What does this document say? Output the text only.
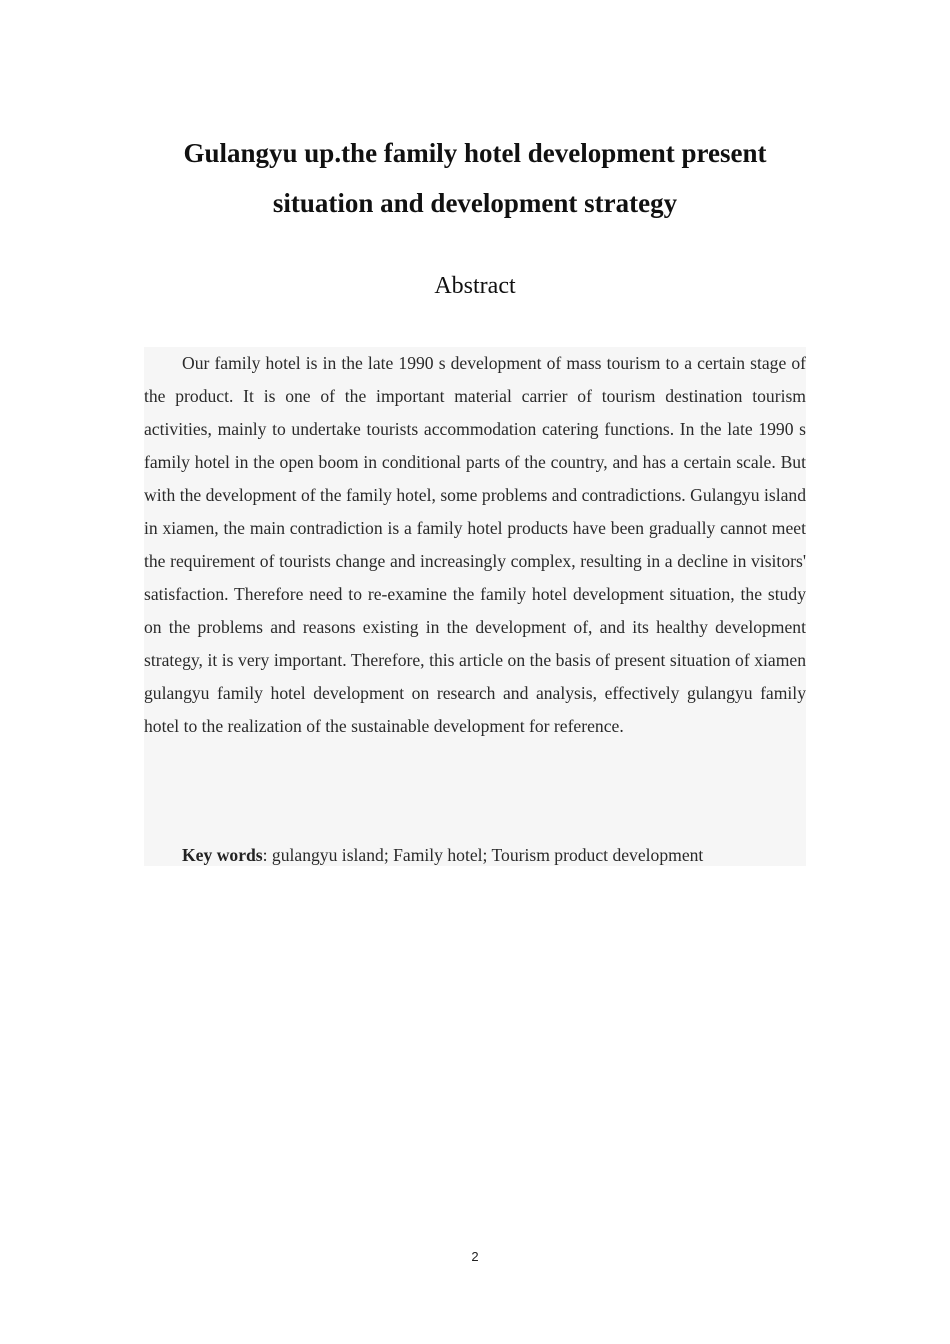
Gulangyu up.the family hotel development present
situation and development strategy
Abstract

Our family hotel is in the late 1990 s development of mass tourism to a certain stage of the product. It is one of the important material carrier of tourism destination tourism activities, mainly to undertake tourists accommodation catering functions. In the late 1990 s family hotel in the open boom in conditional parts of the country, and has a certain scale. But with the development of the family hotel, some problems and contradictions. Gulangyu island in xiamen, the main contradiction is a family hotel products have been gradually cannot meet the requirement of tourists change and increasingly complex, resulting in a decline in visitors' satisfaction. Therefore need to re-examine the family hotel development situation, the study on the problems and reasons existing in the development of, and its healthy development strategy, it is very important. Therefore, this article on the basis of present situation of xiamen gulangyu family hotel development on research and analysis, effectively gulangyu family hotel to the realization of the sustainable development for reference.

Key words: gulangyu island; Family hotel; Tourism product development

2
